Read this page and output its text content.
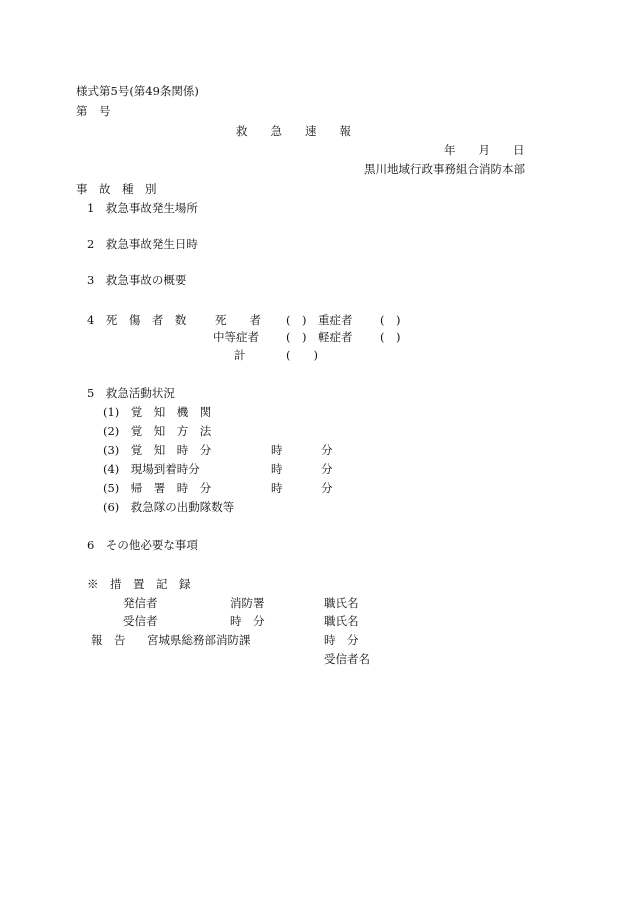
様式第5号(第49条関係)
第　号
救　　急　　速　　報
年　　月　　日
黒川地域行政事務組合消防本部
事　故　種　別
1　救急事故発生場所
2　救急事故発生日時
3　救急事故の概要
4　死　傷　者　数 死　　者 (　) 重症者 (　)
中等症者 (　) 軽症者 (　)
計	(　　)
5　救急活動状況
(1)　覚　知　機　関
(2)　覚　知　方　法
(3)　覚　知　時　分	時	分
(4)　現場到着時分	時	分
(5)　帰　署　時　分	時	分
(6)　救急隊の出動隊数等
6　その他必要な事項
※　措　置　記　録
発信者	消防署	職氏名
受信者	時　分	職氏名
報　告 宮城県総務部消防課	時　分
受信者名
